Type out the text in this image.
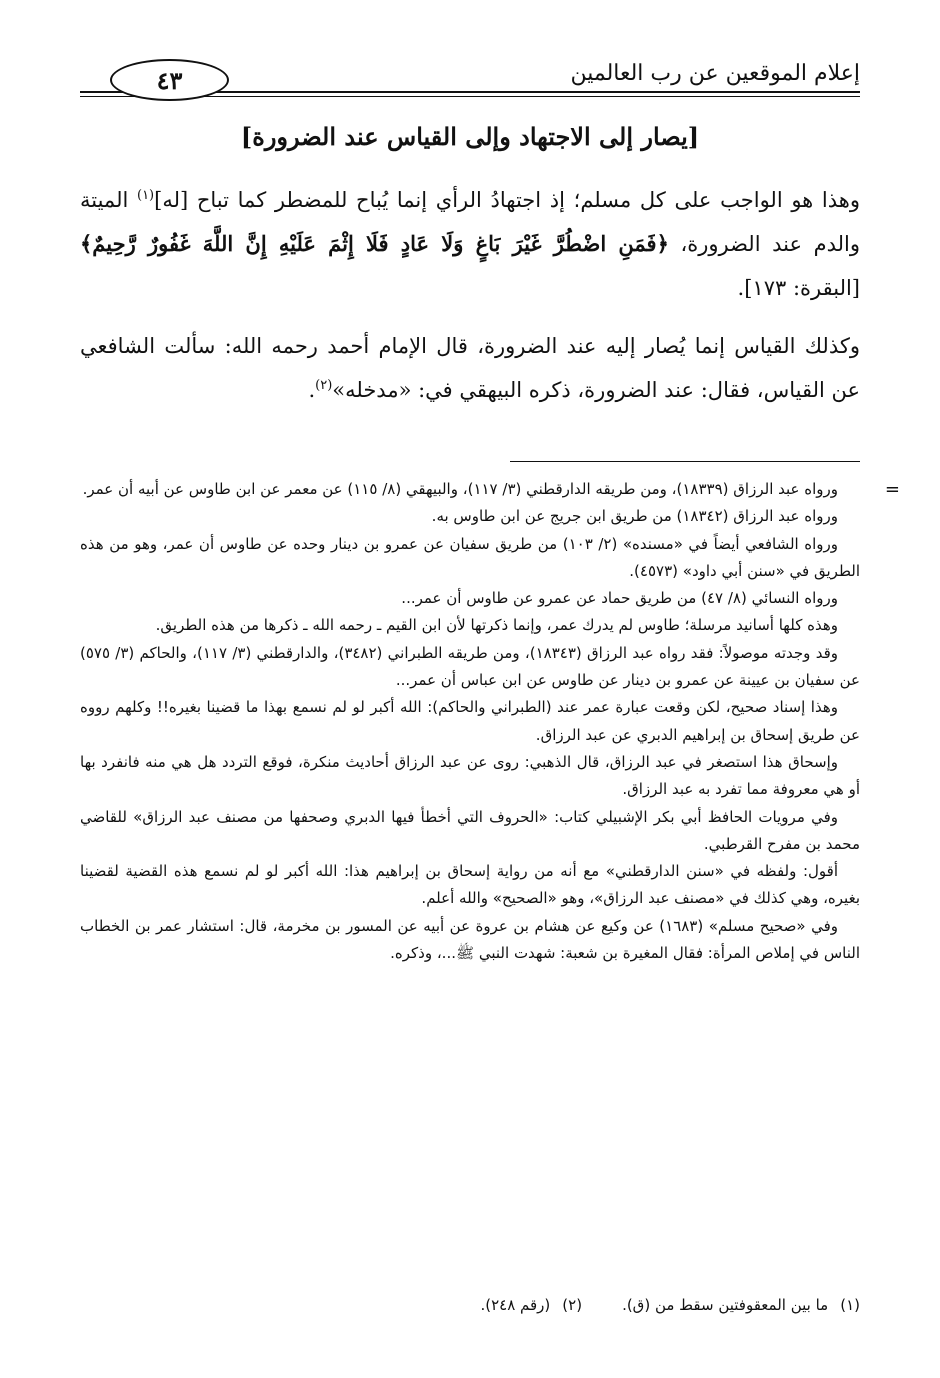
إعلام الموقعين عن رب العالمين
٤٣
[يصار إلى الاجتهاد وإلى القياس عند الضرورة]

وهذا هو الواجب على كل مسلم؛ إذ اجتهادُ الرأي إنما يُباح للمضطر كما تباح [له]$^{(١)}$ الميتة والدم عند الضرورة، ﴿فَمَنِ اضْطُرَّ غَيْرَ بَاغٍ وَلَا عَادٍ فَلَا إِثْمَ عَلَيْهِ إِنَّ اللَّهَ غَفُورٌ رَّحِيمٌ﴾ [البقرة: ١٧٣].

وكذلك القياس إنما يُصار إليه عند الضرورة، قال الإمام أحمد رحمه الله: سألت الشافعي عن القياس، فقال: عند الضرورة، ذكره البيهقي في: «مدخله»$^{(٢)}$.

=
ورواه عبد الرزاق (١٨٣٣٩)، ومن طريقه الدارقطني (٣/ ١١٧)، والبيهقي (٨/ ١١٥) عن معمر عن ابن طاوس عن أبيه أن عمر.

ورواه عبد الرزاق (١٨٣٤٢) من طريق ابن جريج عن ابن طاوس به.

ورواه الشافعي أيضاً في «مسنده» (٢/ ١٠٣) من طريق سفيان عن عمرو بن دينار وحده عن طاوس أن عمر، وهو من هذه الطريق في «سنن أبي داود» (٤٥٧٣).

ورواه النسائي (٨/ ٤٧) من طريق حماد عن عمرو عن طاوس أن عمر...

وهذه كلها أسانيد مرسلة؛ طاوس لم يدرك عمر، وإنما ذكرتها لأن ابن القيم ـ رحمه الله ـ ذكرها من هذه الطريق.

وقد وجدته موصولاً: فقد رواه عبد الرزاق (١٨٣٤٣)، ومن طريقه الطبراني (٣٤٨٢)، والدارقطني (٣/ ١١٧)، والحاكم (٣/ ٥٧٥) عن سفيان بن عيينة عن عمرو بن دينار عن طاوس عن ابن عباس أن عمر...

وهذا إسناد صحيح، لكن وقعت عبارة عمر عند (الطبراني والحاكم): الله أكبر لو لم نسمع بهذا ما قضينا بغيره!! وكلهم رووه عن طريق إسحاق بن إبراهيم الدبري عن عبد الرزاق.

وإسحاق هذا استصغر في عبد الرزاق، قال الذهبي: روى عن عبد الرزاق أحاديث منكرة، فوقع التردد هل هي منه فانفرد بها أو هي معروفة مما تفرد به عبد الرزاق.

وفي مرويات الحافظ أبي بكر الإشبيلي كتاب: «الحروف التي أخطأ فيها الدبري وصحفها من مصنف عبد الرزاق» للقاضي محمد بن مفرح القرطبي.

أقول: ولفظه في «سنن الدارقطني» مع أنه من رواية إسحاق بن إبراهيم هذا: الله أكبر لو لم نسمع هذه القضية لقضينا بغيره، وهي كذلك في «مصنف عبد الرزاق»، وهو «الصحيح» والله أعلم.

وفي «صحيح مسلم» (١٦٨٣) عن وكيع عن هشام بن عروة عن أبيه عن المسور بن مخرمة، قال: استشار عمر بن الخطاب الناس في إملاص المرأة: فقال المغيرة بن شعبة: شهدت النبي ﷺ...، وذكره.

(١)ما بين المعقوفتين سقط من (ق).(٢)(رقم ٢٤٨).
